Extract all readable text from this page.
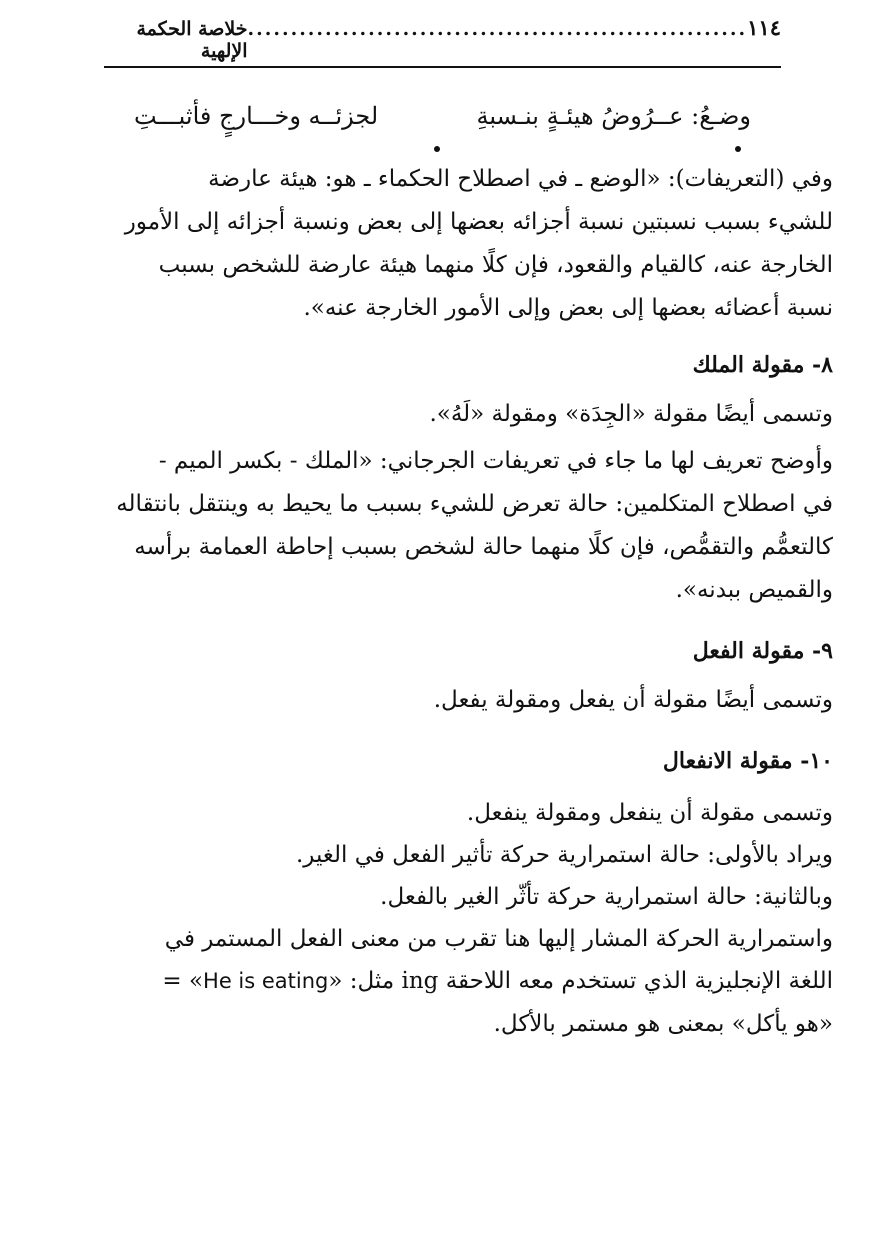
١١٤
..........................................................
خلاصة الحكمة الإلهية
وضـعُ: عــرُوضُ هيئـةٍ بنـسبةِ
لجزئــه وخـــارجٍ فأثبـــتِ

وفي (التعريفات): «الوضع ـ في اصطلاح الحكماء ـ هو: هيئة عارضة

للشيء بسبب نسبتين نسبة أجزائه بعضها إلى بعض ونسبة أجزائه إلى الأمور

الخارجة عنه، كالقيام والقعود، فإن كلًا منهما هيئة عارضة للشخص بسبب

نسبة أعضائه بعضها إلى بعض وإلى الأمور الخارجة عنه».

٨- مقولة الملك

وتسمى أيضًا مقولة «الجِدَة» ومقولة «لَهُ».

وأوضح تعريف لها ما جاء في تعريفات الجرجاني: «الملك - بكسر الميم -

في اصطلاح المتكلمين: حالة تعرض للشيء بسبب ما يحيط به وينتقل بانتقاله

كالتعمُّم والتقمُّص، فإن كلًا منهما حالة لشخص بسبب إحاطة العمامة برأسه

والقميص ببدنه».

٩- مقولة الفعل

وتسمى أيضًا مقولة أن يفعل ومقولة يفعل.

١٠- مقولة الانفعال

وتسمى مقولة أن ينفعل ومقولة ينفعل.

ويراد بالأولى: حالة استمرارية حركة تأثير الفعل في الغير.

وبالثانية: حالة استمرارية حركة تأثّر الغير بالفعل.

واستمرارية الحركة المشار إليها هنا تقرب من معنى الفعل المستمر في

اللغة الإنجليزية الذي تستخدم معه اللاحقة ing مثل: «He is eating» =

«هو يأكل» بمعنى هو مستمر بالأكل.
